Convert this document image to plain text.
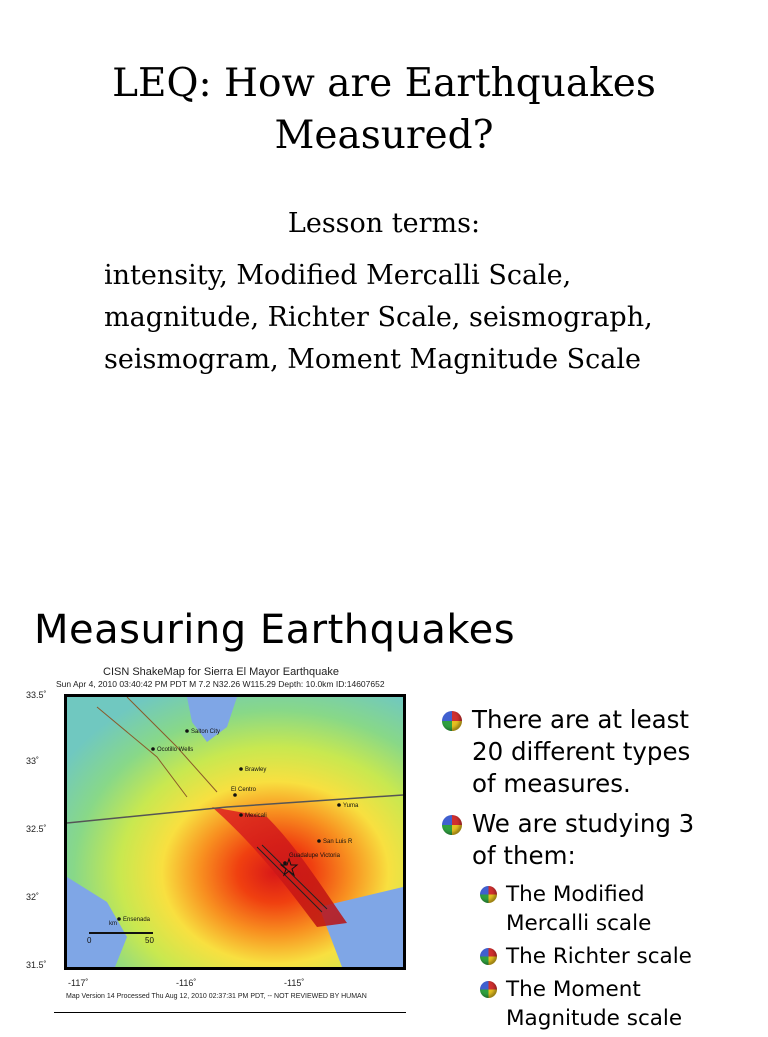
LEQ: How are Earthquakes
Measured?
Lesson terms:
intensity, Modified Mercalli Scale,
magnitude, Richter Scale, seismograph,
seismogram, Moment Magnitude Scale
Measuring Earthquakes
CISN ShakeMap for Sierra El Mayor Earthquake
Sun Apr 4, 2010 03:40:42 PM PDT M 7.2 N32.26 W115.29 Depth: 10.0km ID:14607652
33.5˚
33˚
32.5˚
32˚
31.5˚
Salton City
Ocotillo Wells
Brawley
El Centro
Mexicali
Yuma
San Luis R
Guadalupe Victoria
Ensenada
km
0	50
-117˚	-116˚	-115˚
Map Version 14 Processed Thu Aug 12, 2010 02:37:31 PM PDT, -- NOT REVIEWED BY HUMAN
There are at least
20 different types
of measures.
We are studying 3
of them:
The Modified
Mercalli scale
The Richter scale
The Moment
Magnitude scale
